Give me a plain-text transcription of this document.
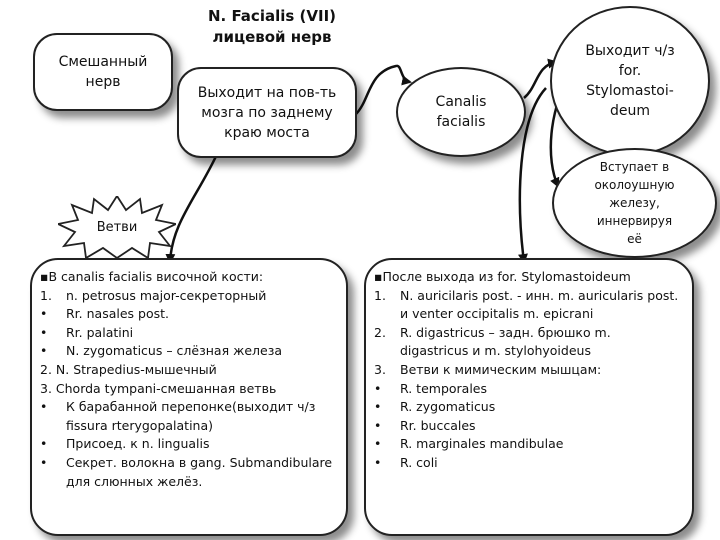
Смешанный
нерв
N. Facialis (VII)
лицевой нерв
Выходит на пов-ть
мозга по заднему
краю моста
Canalis
facialis
Выходит ч/з
for.
Stylomastoi-
deum
Вступает в
околоушную
железу,
иннервируя
её
Ветви
▪ В canalis facialis височной кости:
1.	n. petrosus major-секреторный
•	Rr. nasales post.
•	Rr. palatini
•	N. zygomaticus – слёзная железа
2. N. Strapedius-мышечный
3. Chorda tympani-смешанная ветвь
•	К барабанной перепонке(выходит ч/з fissura rterygopalatina)
•	Присоед. к n. lingualis
•	Секрет. волокна в gang. Submandibulare для слюнных желёз.
▪ После выхода из for. Stylomastoideum
1.	N. auricilaris post. - инн. m. auricularis post. и venter occipitalis m. epicrani
2.	R. digastricus – задн. брюшко m. digastricus и m. stylohyoideus
3.	Ветви к мимическим мышцам:
•	R. temporales
•	R. zygomaticus
•	Rr. buccales
•	R. marginales mandibulae
•	R. coli
